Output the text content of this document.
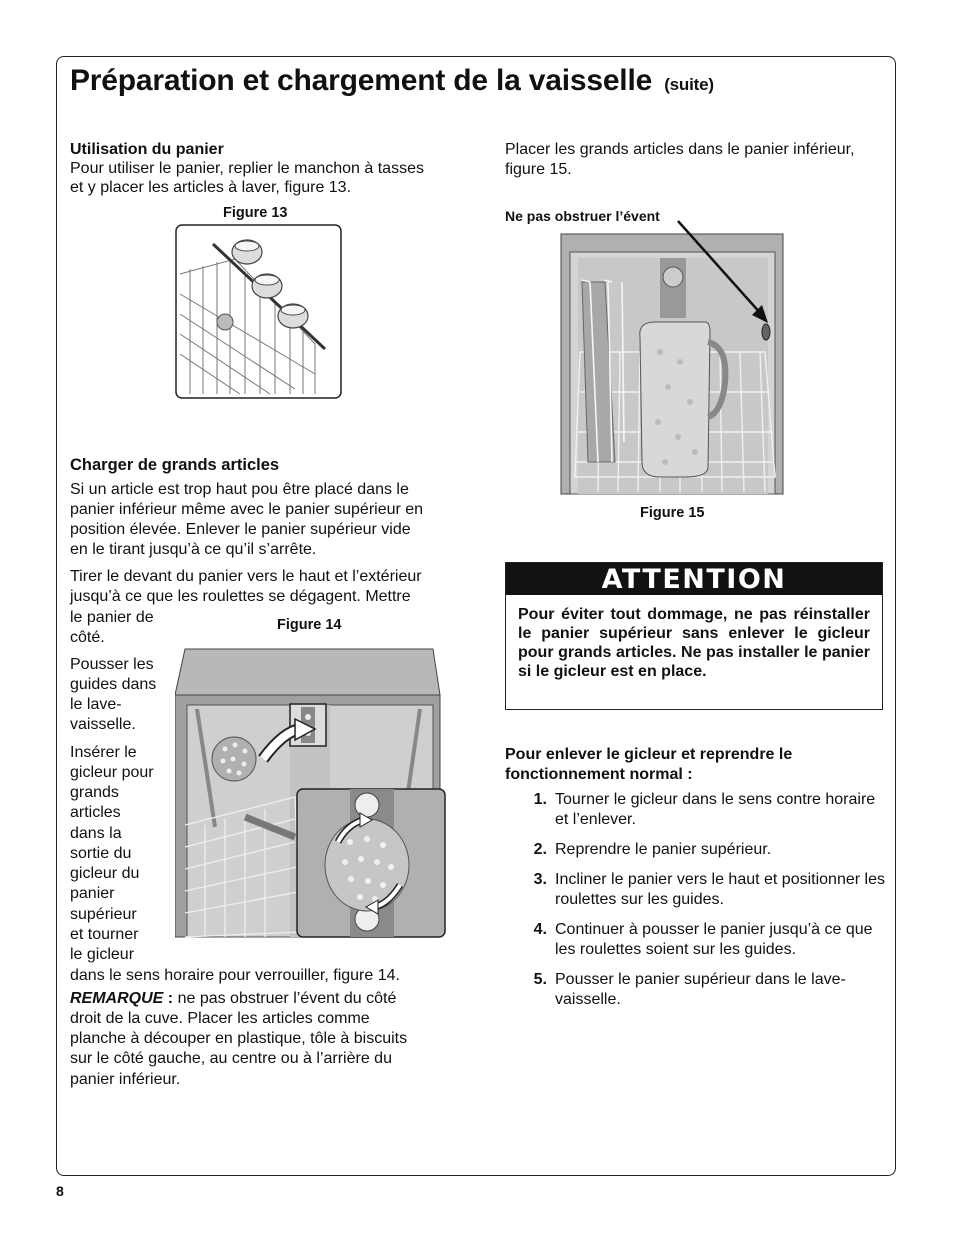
Préparation et chargement de la vaisselle (suite)
Utilisation du panier
Pour utiliser le panier, replier le manchon à tasses
et y placer les articles à laver, figure 13.
Figure 13
Charger de grands articles
Si un article est trop haut pou être placé dans le
panier inférieur même avec le panier supérieur en
position élevée. Enlever le panier supérieur vide
en le tirant jusqu’à ce qu’il s’arrête.
Tirer le devant du panier vers le haut et l’extérieur
jusqu’à ce que les roulettes se dégagent. Mettre
le panier de
côté.
Figure 14
Pousser les
guides dans
le lave-
vaisselle.
Insérer le
gicleur pour
grands
articles
dans la
sortie du
gicleur du
panier
supérieur
et tourner
le gicleur
dans le sens horaire pour verrouiller, figure 14.
REMARQUE : ne pas obstruer l’évent du côté
droit de la cuve. Placer les articles comme
planche à découper en plastique, tôle à biscuits
sur le côté gauche, au centre ou à l’arrière du
panier inférieur.
Placer les grands articles dans le panier inférieur,
figure 15.
Ne pas obstruer l’évent
Figure 15
ATTENTION
Pour éviter tout dommage, ne pas réinstaller le panier supérieur sans enlever le gicleur pour grands articles. Ne pas installer le panier si le gicleur est en place.
Pour enlever le gicleur et reprendre le
fonctionnement normal :
1. Tourner le gicleur dans le sens contre horaire et l’enlever.
2. Reprendre le panier supérieur.
3. Incliner le panier vers le haut et positionner les roulettes sur les guides.
4. Continuer à pousser le panier jusqu’à ce que les roulettes soient sur les guides.
5. Pousser le panier supérieur dans le lave-vaisselle.
8
